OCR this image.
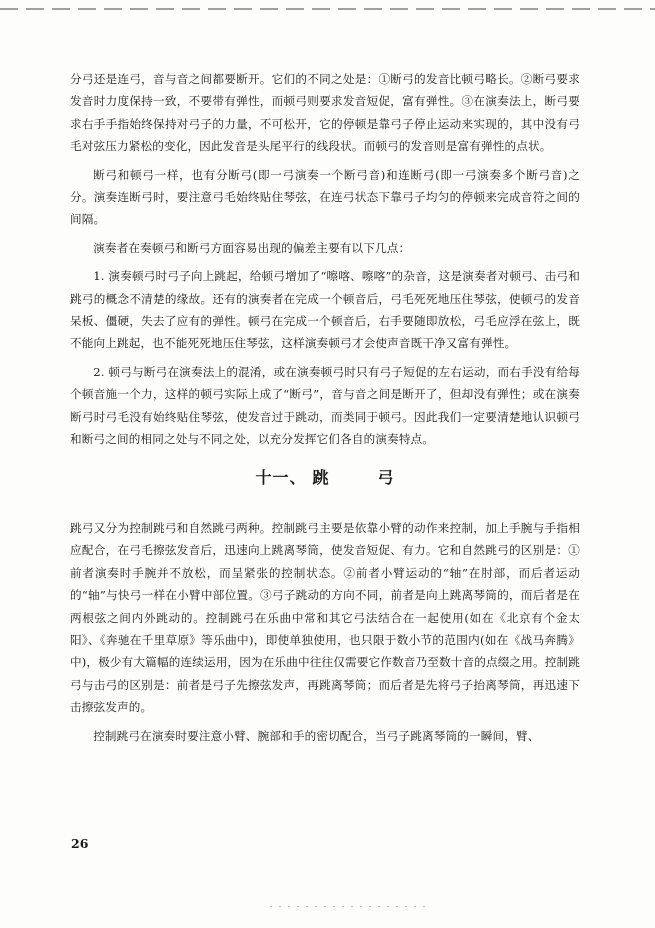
分弓还是连弓，音与音之间都要断开。它们的不同之处是：①断弓的发音比顿弓略长。②断弓要求发音时力度保持一致，不要带有弹性，而顿弓则要求发音短促，富有弹性。③在演奏法上，断弓要求右手手指始终保持对弓子的力量，不可松开，它的停顿是靠弓子停止运动来实现的，其中没有弓毛对弦压力紧松的变化，因此发音是头尾平行的线段状。而顿弓的发音则是富有弹性的点状。

断弓和顿弓一样，也有分断弓(即一弓演奏一个断弓音)和连断弓(即一弓演奏多个断弓音)之分。演奏连断弓时，要注意弓毛始终贴住琴弦，在连弓状态下靠弓子均匀的停顿来完成音符之间的间隔。

演奏者在奏顿弓和断弓方面容易出现的偏差主要有以下几点：

1. 演奏顿弓时弓子向上跳起，给顿弓增加了“嚓喀、嚓喀”的杂音，这是演奏者对顿弓、击弓和跳弓的概念不清楚的缘故。还有的演奏者在完成一个顿音后，弓毛死死地压住琴弦，使顿弓的发音呆板、僵硬，失去了应有的弹性。顿弓在完成一个顿音后，右手要随即放松，弓毛应浮在弦上，既不能向上跳起，也不能死死地压住琴弦，这样演奏顿弓才会使声音既干净又富有弹性。

2. 顿弓与断弓在演奏法上的混淆，或在演奏顿弓时只有弓子短促的左右运动，而右手没有给每个顿音施一个力，这样的顿弓实际上成了“断弓”，音与音之间是断开了，但却没有弹性；或在演奏断弓时弓毛没有始终贴住琴弦，使发音过于跳动，而类同于顿弓。因此我们一定要清楚地认识顿弓和断弓之间的相同之处与不同之处，以充分发挥它们各自的演奏特点。

十一、 跳	弓

跳弓又分为控制跳弓和自然跳弓两种。控制跳弓主要是依靠小臂的动作来控制，加上手腕与手指相应配合，在弓毛擦弦发音后，迅速向上跳离琴筒，使发音短促、有力。它和自然跳弓的区别是：① 前者演奏时手腕并不放松，而呈紧张的控制状态。②前者小臂运动的“轴”在肘部，而后者运动的“轴”与快弓一样在小臂中部位置。③弓子跳动的方向不同，前者是向上跳离琴筒的，而后者是在两根弦之间内外跳动的。控制跳弓在乐曲中常和其它弓法结合在一起使用(如在《北京有个金太阳》、《奔驰在千里草原》等乐曲中)，即使单独使用，也只限于数小节的范围内(如在《战马奔腾》中)，极少有大篇幅的连续运用，因为在乐曲中往往仅需要它作数音乃至数十音的点缀之用。控制跳弓与击弓的区别是：前者是弓子先擦弦发声，再跳离琴筒；而后者是先将弓子抬离琴筒，再迅速下击擦弦发声的。

控制跳弓在演奏时要注意小臂、腕部和手的密切配合，当弓子跳离琴筒的一瞬间，臂、

26
